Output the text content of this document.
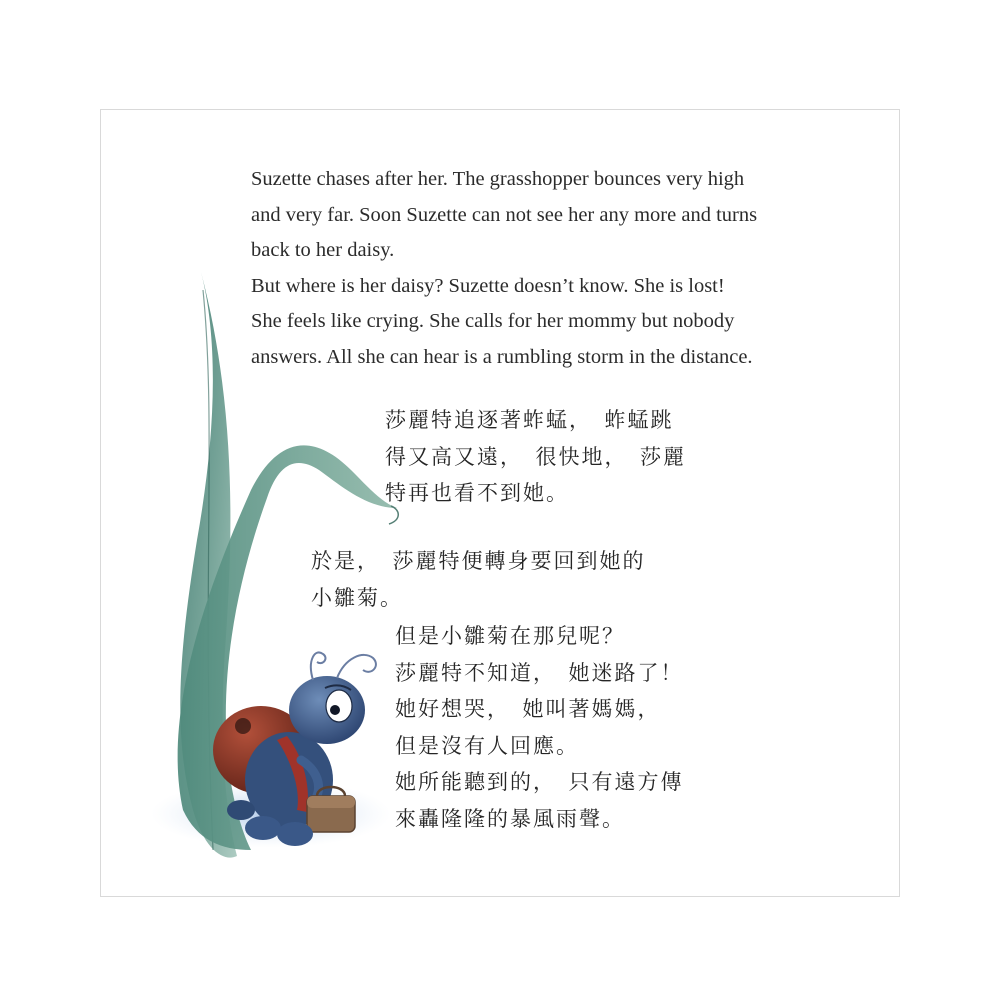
Suzette chases after her. The grasshopper bounces very high
and very far. Soon Suzette can not see her any more and turns
back to her daisy.
But where is her daisy? Suzette doesn’t know. She is lost!
She feels like crying. She calls for her mommy but nobody
answers. All she can hear is a rumbling storm in the distance.
莎麗特追逐著蚱蜢，　蚱蜢跳
得又高又遠，　很快地，　莎麗
特再也看不到她。
於是，　莎麗特便轉身要回到她的
小雛菊。
但是小雛菊在那兒呢？
莎麗特不知道，　她迷路了！
她好想哭，　她叫著媽媽，
但是沒有人回應。
她所能聽到的，　只有遠方傳
來轟隆隆的暴風雨聲。
